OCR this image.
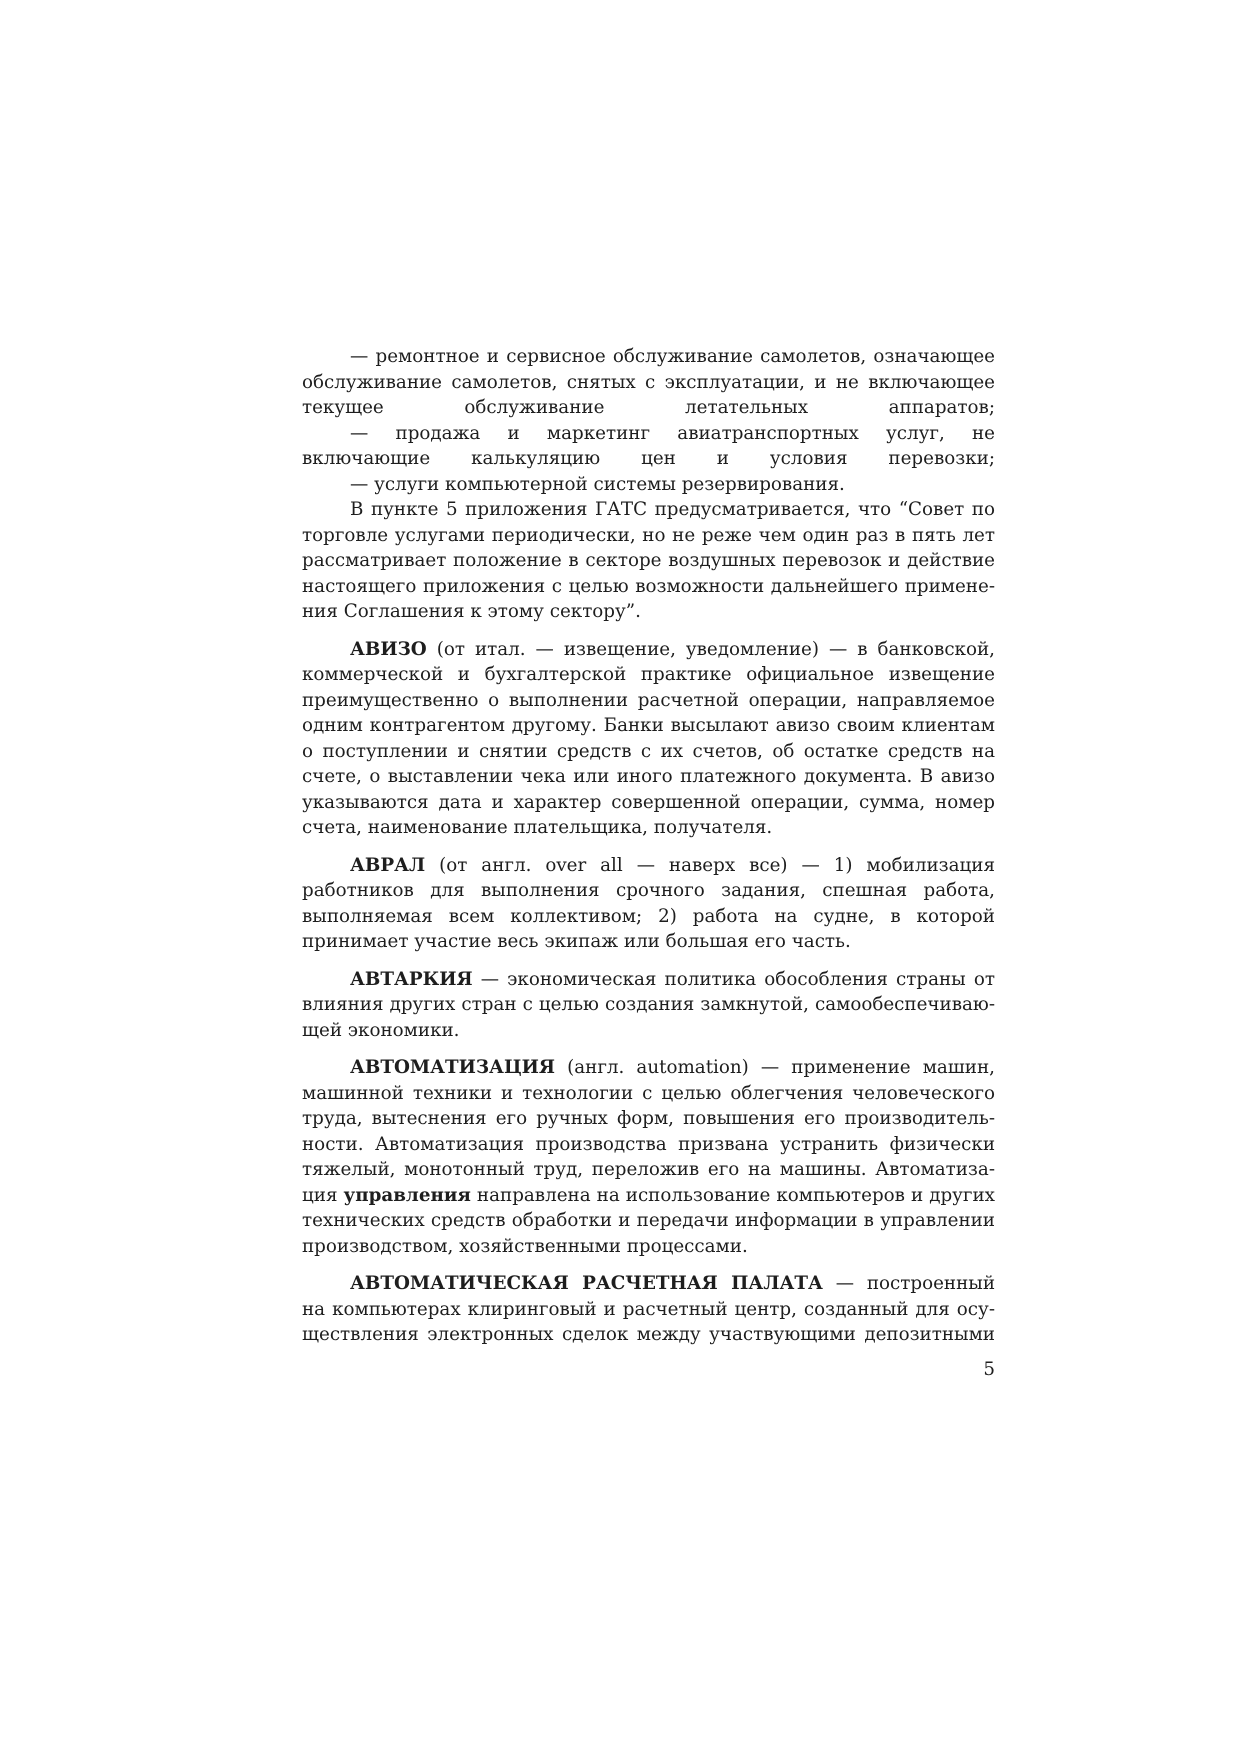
— ремонтное и сервисное обслуживание самолетов, означающее обслуживание самолетов, снятых с эксплуатации, и не включающее текущее обслуживание летательных аппаратов;

— продажа и маркетинг авиатранспортных услуг, не включающие калькуляцию цен и условия перевозки;

— услуги компьютерной системы резервирования.

В пункте 5 приложения ГАТС предусматривается, что “Совет по торговле услугами периодически, но не реже чем один раз в пять лет рассматривает положение в секторе воздушных перевозок и действие настоящего приложения с целью возможности дальнейшего применения Соглашения к этому сектору”.

АВИЗО (от итал. — извещение, уведомление) — в банковской, коммерческой и бухгалтерской практике официальное извещение преимущественно о выполнении расчетной операции, направляемое одним контрагентом другому. Банки высылают авизо своим клиентам о поступлении и снятии средств с их счетов, об остатке средств на счете, о выставлении чека или иного платежного документа. В авизо указываются дата и характер совершенной операции, сумма, номер счета, наименование плательщика, получателя.

АВРАЛ (от англ. over all — наверх все) — 1) мобилизация работников для выполнения срочного задания, спешная работа, выполняемая всем коллективом; 2) работа на судне, в которой принимает участие весь экипаж или большая его часть.

АВТАРКИЯ — экономическая политика обособления страны от влияния других стран с целью создания замкнутой, самообеспечивающей экономики.

АВТОМАТИЗАЦИЯ (англ. automation) — применение машин, машинной техники и технологии с целью облегчения человеческого труда, вытеснения его ручных форм, повышения его производительности. Автоматизация производства призвана устранить физически тяжелый, монотонный труд, переложив его на машины. Автоматизация управления направлена на использование компьютеров и других технических средств обработки и передачи информации в управлении производством, хозяйственными процессами.

АВТОМАТИЧЕСКАЯ РАСЧЕТНАЯ ПАЛАТА — построенный на компьютерах клиринговый и расчетный центр, созданный для осуществления электронных сделок между участвующими депозитными

5
